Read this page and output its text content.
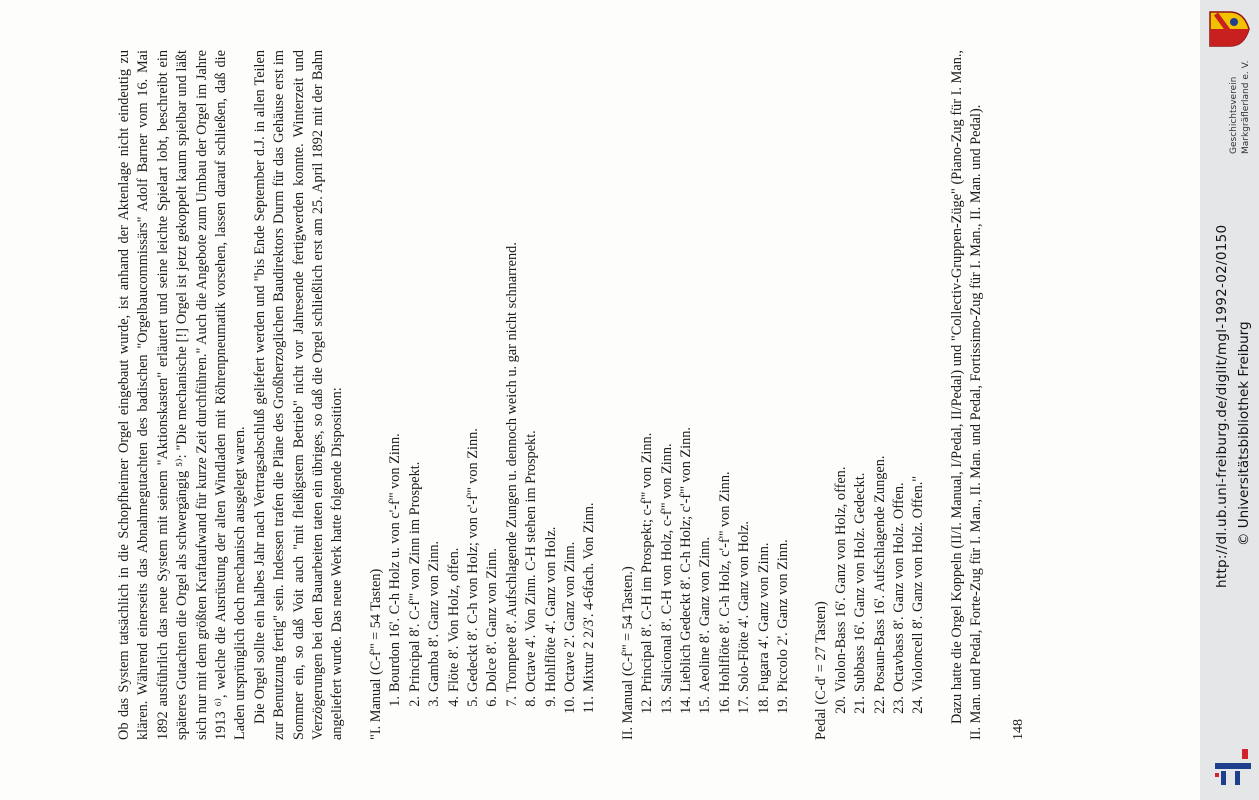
Ob das System tatsächlich in die Schopfheimer Orgel eingebaut wurde, ist anhand der Aktenlage nicht eindeutig zu klären. Während einerseits das Abnahmegutachten des badischen "Orgelbaucommissärs" Adolf Barner vom 16. Mai 1892 ausführlich das neue System mit seinem "Aktionskasten" erläutert und seine leichte Spielart lobt, beschreibt ein späteres Gutachten die Orgel als schwergängig ⁵⁾: "Die mechanische [!] Orgel ist jetzt gekoppelt kaum spielbar und läßt sich nur mit dem größten Kraftaufwand für kurze Zeit durchführen." Auch die Angebote zum Umbau der Orgel im Jahre 1913 ⁶⁾, welche die Ausrüstung der alten Windladen mit Röhrenpneumatik vorsehen, lassen darauf schließen, daß die Laden ursprünglich doch mechanisch ausgelegt waren. Die Orgel sollte ein halbes Jahr nach Vertragsabschluß geliefert werden und "bis Ende September d.J. in allen Teilen zur Benutzung fertig" sein. Indessen trafen die Pläne des Großherzoglichen Baudirektors Durm für das Gehäuse erst im Sommer ein, so daß Voit auch "mit fleißigstem Betrieb" nicht vor Jahresende fertigwerden konnte. Winterzeit und Verzögerungen bei den Bauarbeiten taten ein übriges, so daß die Orgel schließlich erst am 25. April 1892 mit der Bahn angeliefert wurde. Das neue Werk hatte folgende Disposition: "I. Manual (C-f''' = 54 Tasten) 1.
Bourdon 16'. C-h Holz u. von c'-f''' von Zinn.
2.
Principal 8'. C-f''' von Zinn im Prospekt.
3.
Gamba 8'. Ganz von Zinn.
4.
Flöte 8'. Von Holz, offen.
5.
Gedeckt 8'. C-h von Holz; von c'-f''' von Zinn.
6.
Dolce 8'. Ganz von Zinn.
7.
Trompete 8'. Aufschlagende Zungen u. dennoch weich u. gar nicht schnarrend.
8.
Octave 4'. Von Zinn. C-H stehen im Prospekt.
9.
Hohlflöte 4'. Ganz von Holz.
10.
Octave 2'. Ganz von Zinn.
11.
Mixtur 2 2/3'. 4-6fach. Von Zinn. II. Manual (C-f''' = 54 Tasten.) 12.
Principal 8'. C-H im Prospekt; c-f''' von Zinn.
13.
Salicional 8'. C-H von Holz, c-f''' von Zinn.
14.
Lieblich Gedeckt 8'. C-h Holz; c'-f''' von Zinn.
15.
Aeoline 8'. Ganz von Zinn.
16.
Hohlflöte 8'. C-h Holz, c'-f''' von Zinn.
17.
Solo-Flöte 4'. Ganz von Holz.
18.
Fugara 4'. Ganz von Zinn.
19.
Piccolo 2'. Ganz von Zinn. Pedal (C-d' = 27 Tasten) 20.
Violon-Bass 16'. Ganz von Holz, offen.
21.
Subbass 16'. Ganz von Holz. Gedeckt.
22.
Posaun-Bass 16'. Aufschlagende Zungen.
23.
Octavbass 8'. Ganz von Holz. Offen.
24.
Violoncell 8'. Ganz von Holz. Offen." Dazu hatte die Orgel Koppeln (II/I. Manual, I/Pedal, II/Pedal) und "Collectiv-Gruppen-Züge" (Piano-Zug für I. Man., II. Man. und Pedal, Forte-Zug für I. Man., II. Man. und Pedal, Fortissimo-Zug für I. Man., II. Man. und Pedal). 148
Geschichtsverein Markgräflerland e. V.
http://dl.ub.uni-freiburg.de/diglit/mgl-1992-02/0150 © Universitätsbibliothek Freiburg
